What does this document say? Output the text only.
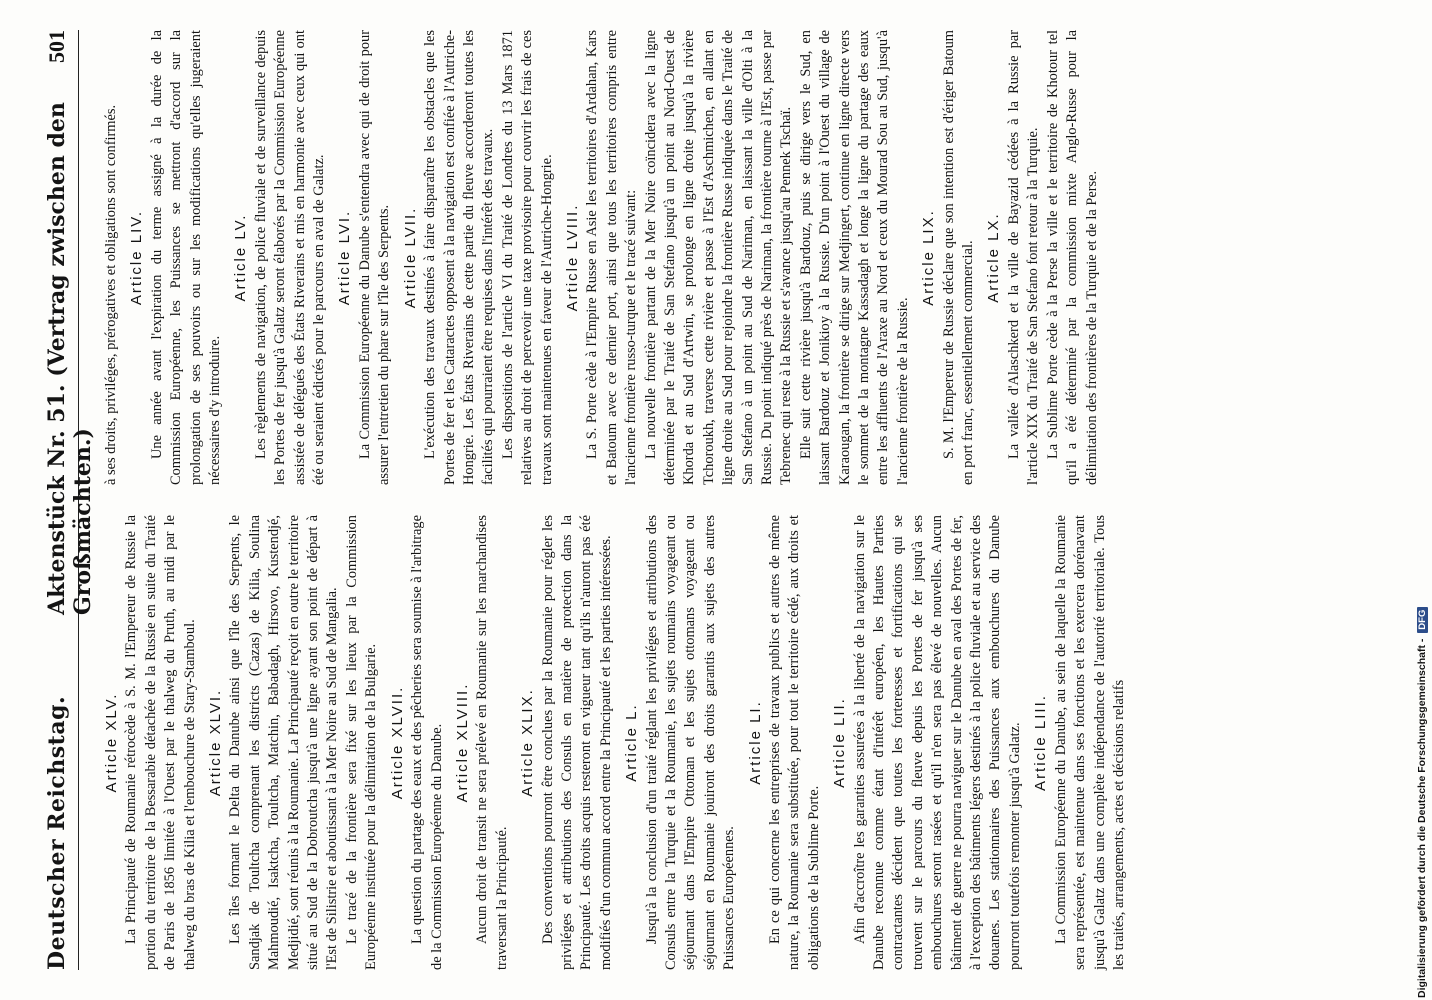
Deutscher Reichstag.
Aktenstück Nr. 51. (Vertrag zwischen den Großmächten.)
501
Article XLV. La Principauté de Roumanie rétrocède à S. M. l'Empereur de Russie la portion du territoire de la Bessarabie détachée de la Russie en suite du Traité de Paris de 1856 limitée à l'Ouest par le thalweg du Pruth, au midi par le thalweg du bras de Kilia et l'embouchure de Stary-Stamboul. Article XLVI. Les îles formant le Delta du Danube ainsi que l'île des Serpents, le Sandjak de Toultcha comprenant les districts (Cazas) de Kilia, Soulina Mahmoudié, Isaktcha, Toultcha, Matchin, Babadagh, Hirsovo, Kustendjé, Medjidié, sont réunis à la Roumanie. La Principauté reçoit en outre le territoire situé au Sud de la Dobroutcha jusqu'à une ligne ayant son point de départ à l'Est de Silistrie et aboutissant à la Mer Noire au Sud de Mangalia. Le tracé de la frontière sera fixé sur les lieux par la Commission Européenne instituée pour la délimitation de la Bulgarie. Article XLVII. La question du partage des eaux et des pêcheries sera soumise à l'arbitrage de la Commission Européenne du Danube. Article XLVIII. Aucun droit de transit ne sera prélevé en Roumanie sur les marchandises traversant la Principauté.

Article XLIX. Des conventions pourront être conclues par la Roumanie pour régler les priviléges et attributions des Consuls en matière de protection dans la Principauté. Les droits acquis resteront en vigueur tant qu'ils n'auront pas été modifiés d'un commun accord entre la Principauté et les parties intéressées. Article L. Jusqu'à la conclusion d'un traité réglant les priviléges et attributions des Consuls entre la Turquie et la Roumanie, les sujets roumains voyageant ou séjournant dans l'Empire Ottoman et les sujets ottomans voyageant ou séjournant en Roumanie jouiront des droits garantis aux sujets des autres Puissances Européennes.

Article LI. En ce qui concerne les entreprises de travaux publics et autres de même nature, la Roumanie sera substituée, pour tout le territoire cédé, aux droits et obligations de la Sublime Porte.

Article LII. Afin d'accroître les garanties assurées à la liberté de la navigation sur le Danube reconnue comme étant d'intérêt européen, les Hautes Parties contractantes décident que toutes les forteresses et fortifications qui se trouvent sur le parcours du fleuve depuis les Portes de fer jusqu'à ses embouchures seront rasées et qu'il n'en sera pas élevé de nouvelles. Aucun bâtiment de guerre ne pourra naviguer sur le Danube en aval des Portes de fer, à l'exception des bâtiments légers destinés à la police fluviale et au service des douanes. Les stationnaires des Puissances aux embouchures du Danube pourront toutefois remonter jusqu'à Galatz. Article LIII. La Commission Européenne du Danube, au sein de laquelle la Roumanie sera représentée, est maintenue dans ses fonctions et les exercera dorénavant jusqu'à Galatz dans une complète indépendance de l'autorité territoriale. Tous les traités, arrangements, actes et décisions relatifs

à ses droits, priviléges, prérogatives et obligations sont confirmés. Article LIV. Une année avant l'expiration du terme assigné à la durée de la Commission Européenne, les Puissances se mettront d'accord sur la prolongation de ses pouvoirs ou sur les modifications qu'elles jugeraient nécessaires d'y introduire.

Article LV. Les règlements de navigation, de police fluviale et de surveillance depuis les Portes de fer jusqu'à Galatz seront élaborés par la Commission Européenne assistée de délégués des États Riverains et mis en harmonie avec ceux qui ont été ou seraient édictés pour le parcours en aval de Galatz. Article LVI. La Commission Européenne du Danube s'entendra avec qui de droit pour assurer l'entretien du phare sur l'île des Serpents. Article LVII. L'exécution des travaux destinés à faire disparaître les obstacles que les Portes de fer et les Cataractes opposent à la navigation est confiée à l'Autriche-Hongrie. Les États Riverains de cette partie du fleuve accorderont toutes les facilités qui pourraient être requises dans l'intérêt des travaux. Les dispositions de l'article VI du Traité de Londres du 13 Mars 1871 relatives au droit de percevoir une taxe provisoire pour couvrir les frais de ces travaux sont maintenues en faveur de l'Autriche-Hongrie. Article LVIII. La S. Porte cède à l'Empire Russe en Asie les territoires d'Ardahan, Kars et Batoum avec ce dernier port, ainsi que tous les territoires compris entre l'ancienne frontière russo-turque et le tracé suivant: La nouvelle frontière partant de la Mer Noire coïncidera avec la ligne déterminée par le Traité de San Stefano jusqu'à un point au Nord-Ouest de Khorda et au Sud d'Artwin, se prolonge en ligne droite jusqu'à la rivière Tchoroukh, traverse cette rivière et passe à l'Est d'Aschmichen, en allant en ligne droite au Sud pour rejoindre la frontière Russe indiquée dans le Traité de San Stefano à un point au Sud de Nariman, en laissant la ville d'Olti à la Russie. Du point indiqué près de Nariman, la frontière tourne à l'Est, passe par Tebrenec qui reste à la Russie et s'avance jusqu'au Pennek Tschaï. Elle suit cette rivière jusqu'à Bardouz, puis se dirige vers le Sud, en laissant Bardouz et Jonikioy à la Russie. D'un point à l'Ouest du village de Karaougan, la frontière se dirige sur Medjingert, continue en ligne directe vers le sommet de la montagne Kassadagh et longe la ligne du partage des eaux entre les affluents de l'Araxe au Nord et ceux du Mourad Sou au Sud, jusqu'à l'ancienne frontière de la Russie.

Article LIX. S. M. l'Empereur de Russie déclare que son intention est d'ériger Batoum en port franc, essentiellement commercial. Article LX. La vallée d'Alaschkerd et la ville de Bayazid cédées à la Russie par l'article XIX du Traité de San Stefano font retour à la Turquie. La Sublime Porte cède à la Perse la ville et le territoire de Khotour tel qu'il a été déterminé par la commission mixte Anglo-Russe pour la délimitation des frontières de la Turquie et de la Perse.

Digitalisierung gefördert durch die Deutsche Forschungsgemeinschaft - DFG
